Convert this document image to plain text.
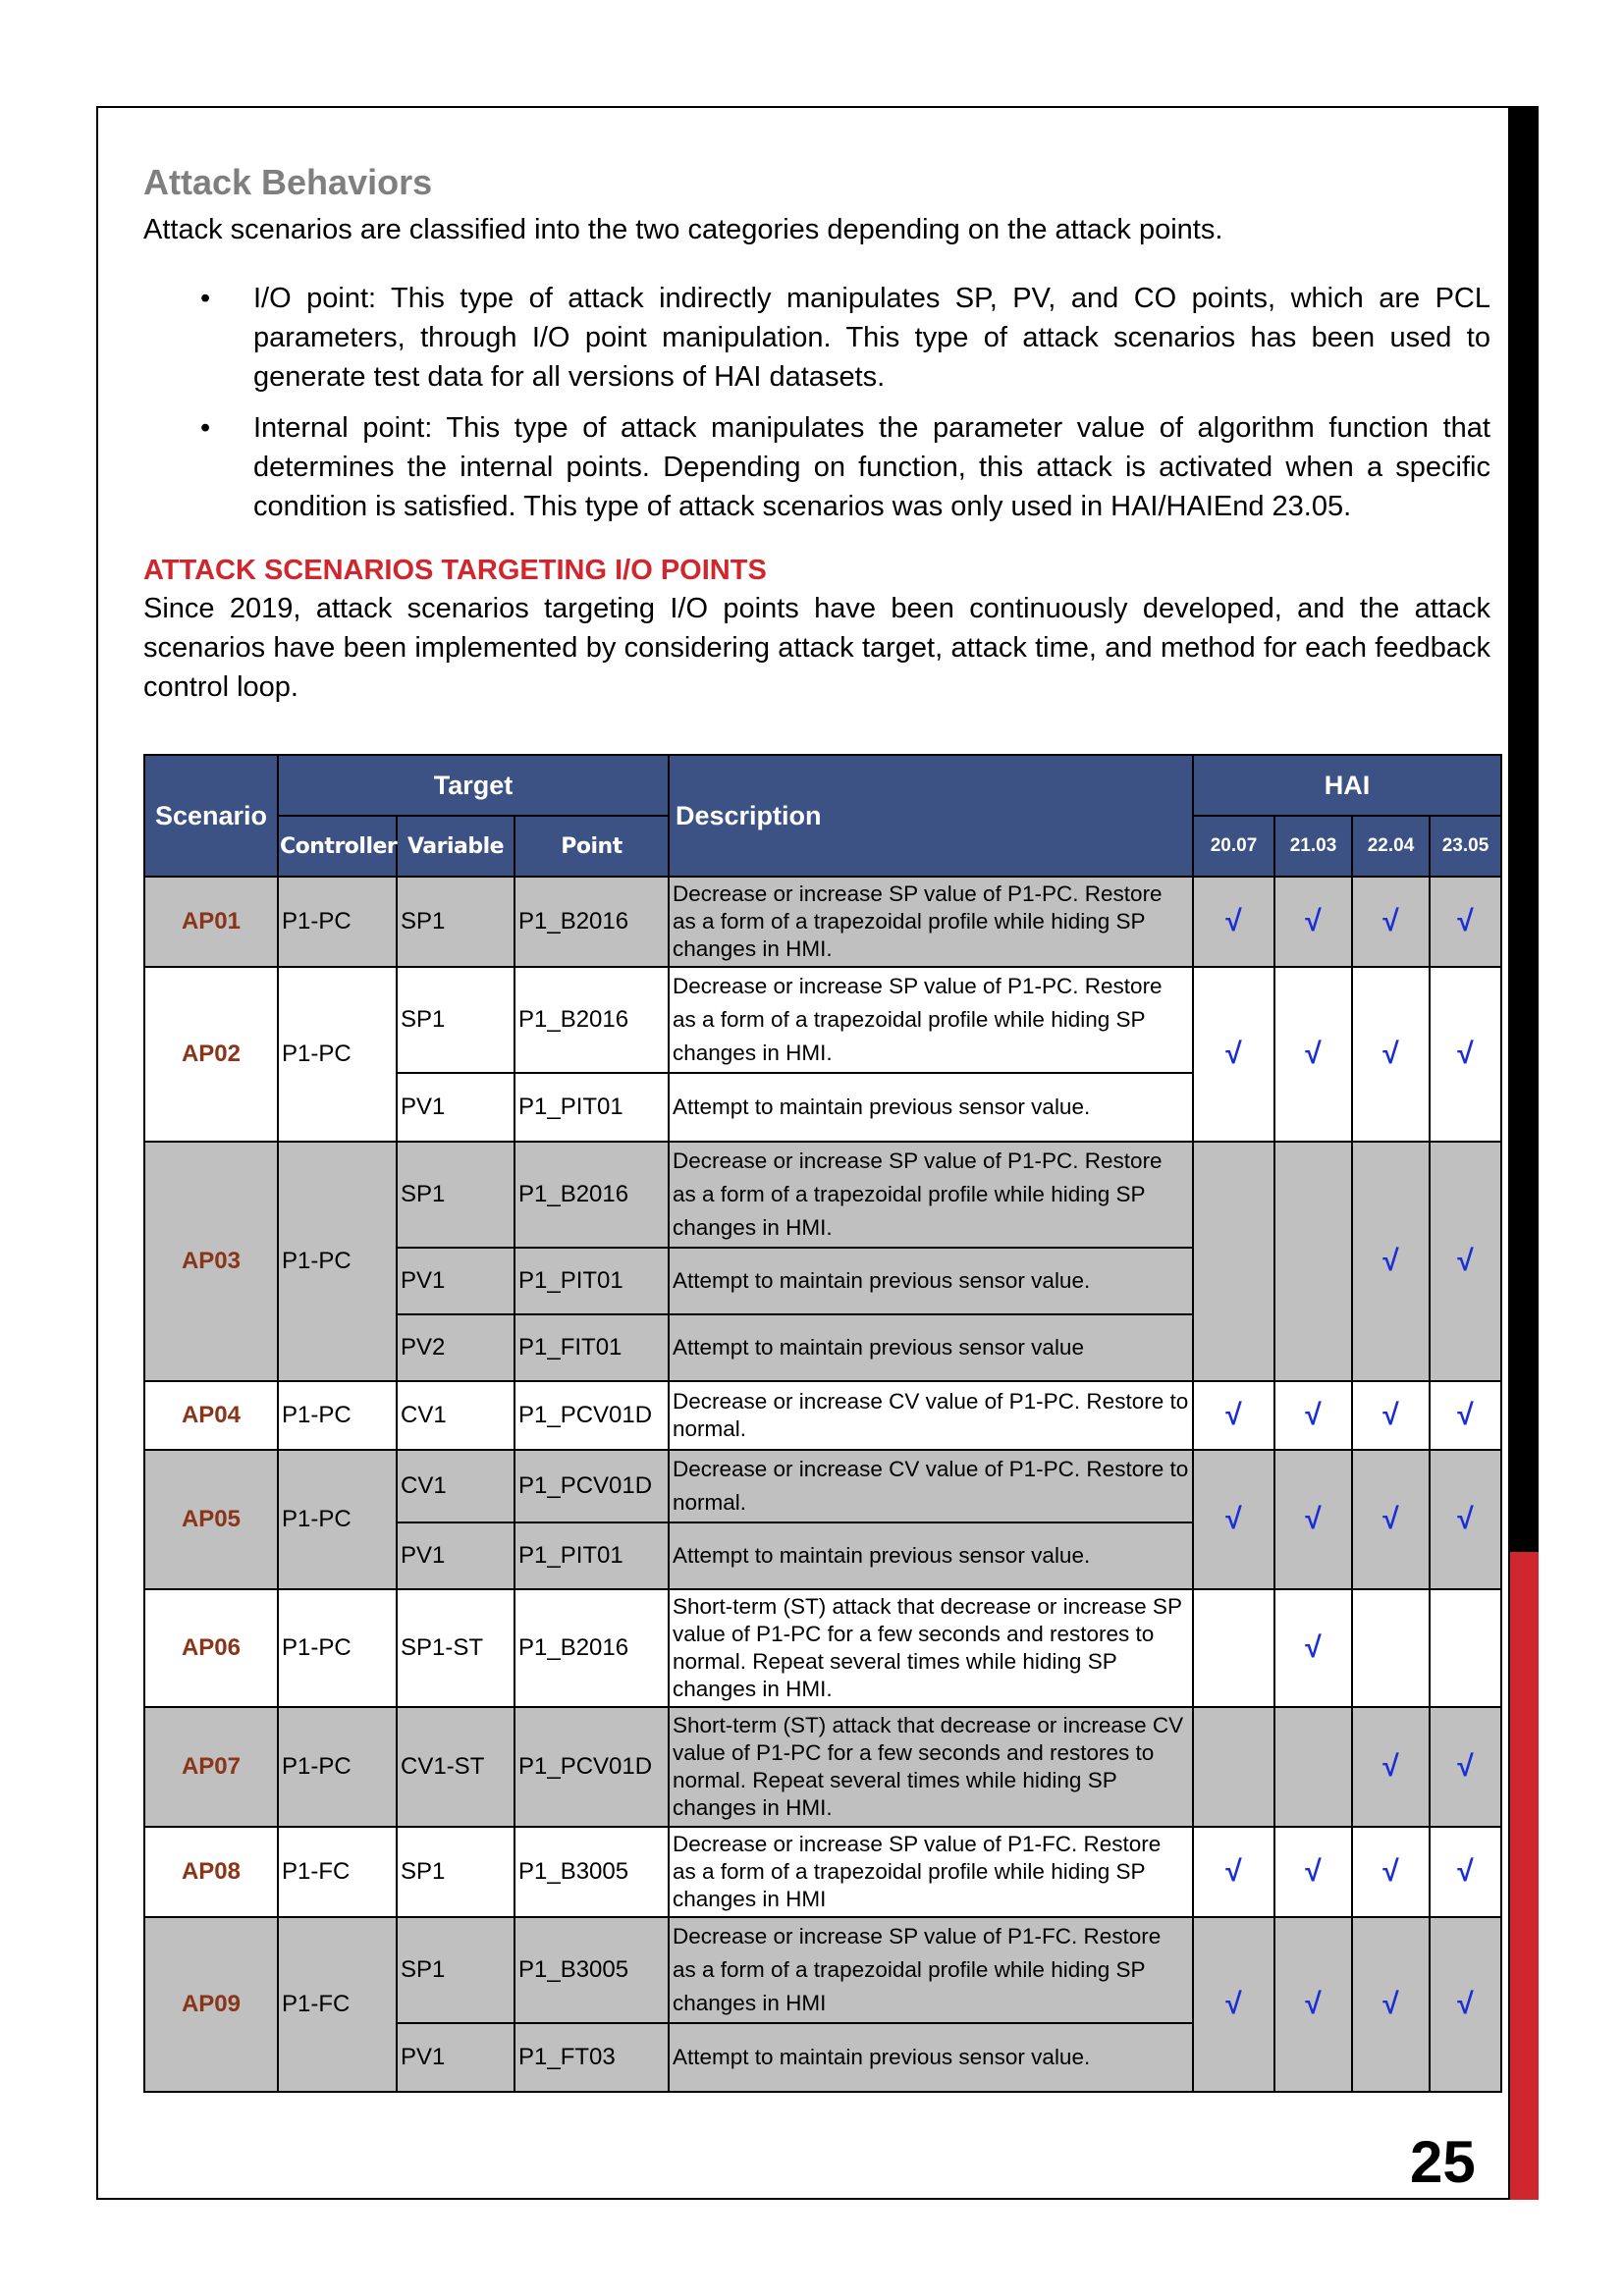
Attack Behaviors

Attack scenarios are classified into the two categories depending on the attack points.

• I/O point: This type of attack indirectly manipulates SP, PV, and CO points, which are PCL parameters, through I/O point manipulation. This type of attack scenarios has been used to generate test data for all versions of HAI datasets.
• Internal point: This type of attack manipulates the parameter value of algorithm function that determines the internal points. Depending on function, this attack is activated when a specific condition is satisfied. This type of attack scenarios was only used in HAI/HAIEnd 23.05.
ATTACK SCENARIOS TARGETING I/O POINTS

Since 2019, attack scenarios targeting I/O points have been continuously developed, and the attack scenarios have been implemented by considering attack target, attack time, and method for each feedback control loop.

Scenario	Target			Description	HAI			
	Controller	Variable	Point		20.07	21.03	22.04	23.05
AP01	P1-PC	SP1	P1_B2016	Decrease or increase SP value of P1-PC. Restore as a form of a trapezoidal profile while hiding SP changes in HMI.	√	√	√	√
AP02	P1-PC	SP1	P1_B2016	Decrease or increase SP value of P1-PC. Restore as a form of a trapezoidal profile while hiding SP changes in HMI.	√	√	√	√
		PV1	P1_PIT01	Attempt to maintain previous sensor value.				
AP03	P1-PC	SP1	P1_B2016	Decrease or increase SP value of P1-PC. Restore as a form of a trapezoidal profile while hiding SP changes in HMI.			√	√
		PV1	P1_PIT01	Attempt to maintain previous sensor value.				
		PV2	P1_FIT01	Attempt to maintain previous sensor value				
AP04	P1-PC	CV1	P1_PCV01D	Decrease or increase CV value of P1-PC. Restore to normal.	√	√	√	√
AP05	P1-PC	CV1	P1_PCV01D	Decrease or increase CV value of P1-PC. Restore to normal.	√	√	√	√
		PV1	P1_PIT01	Attempt to maintain previous sensor value.				
AP06	P1-PC	SP1-ST	P1_B2016	Short-term (ST) attack that decrease or increase SP value of P1-PC for a few seconds and restores to normal. Repeat several times while hiding SP changes in HMI.		√		
AP07	P1-PC	CV1-ST	P1_PCV01D	Short-term (ST) attack that decrease or increase CV value of P1-PC for a few seconds and restores to normal. Repeat several times while hiding SP changes in HMI.			√	√
AP08	P1-FC	SP1	P1_B3005	Decrease or increase SP value of P1-FC. Restore as a form of a trapezoidal profile while hiding SP changes in HMI	√	√	√	√
AP09	P1-FC	SP1	P1_B3005	Decrease or increase SP value of P1-FC. Restore as a form of a trapezoidal profile while hiding SP changes in HMI	√	√	√	√
		PV1	P1_FT03	Attempt to maintain previous sensor value.				
25
